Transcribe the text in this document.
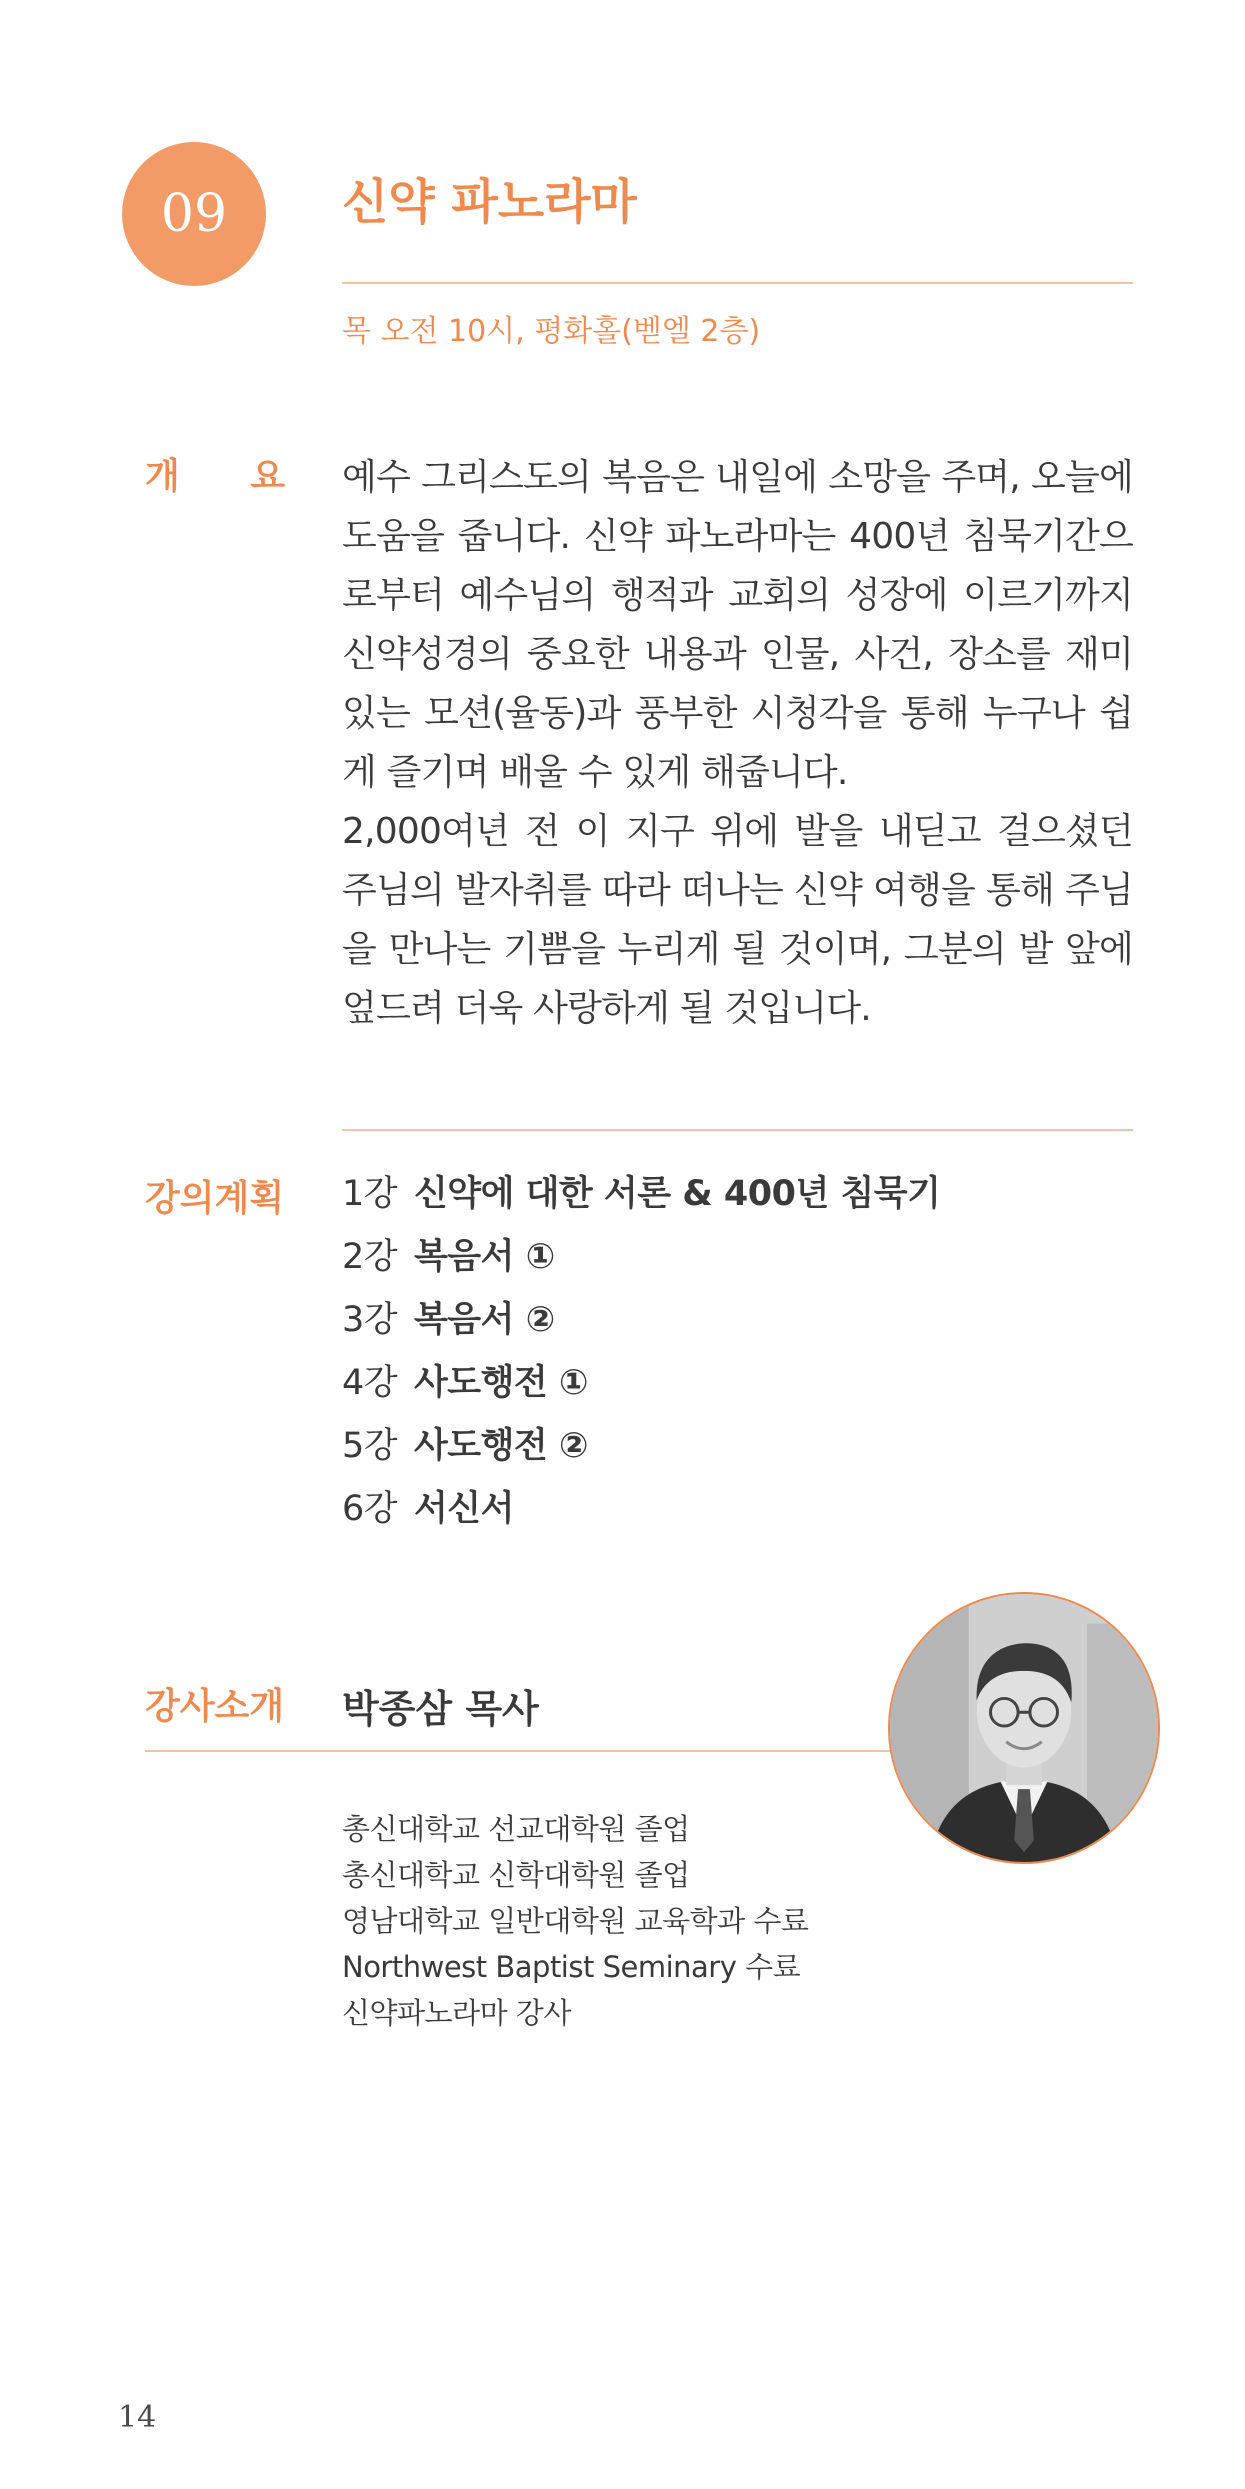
09 신약 파노라마
목 오전 10시, 평화홀(벧엘 2층)
개 요 예수 그리스도의 복음은 내일에 소망을 주며, 오늘에 도움을 줍니다. 신약 파노라마는 400년 침묵기간으로부터 예수님의 행적과 교회의 성장에 이르기까지 신약성경의 중요한 내용과 인물, 사건, 장소를 재미있는 모션(율동)과 풍부한 시청각을 통해 누구나 쉽게 즐기며 배울 수 있게 해줍니다.

2,000여년 전 이 지구 위에 발을 내딛고 걸으셨던 주님의 발자취를 따라 떠나는 신약 여행을 통해 주님을 만나는 기쁨을 누리게 될 것이며, 그분의 발 앞에 엎드려 더욱 사랑하게 될 것입니다.

강의계획 1강 신약에 대한 서론 & 400년 침묵기
2강 복음서 ①
3강 복음서 ②
4강 사도행전 ①
5강 사도행전 ②
6강 서신서
강사소개 박종삼 목사
총신대학교 선교대학원 졸업
총신대학교 신학대학원 졸업
영남대학교 일반대학원 교육학과 수료
Northwest Baptist Seminary 수료
신약파노라마 강사
14
